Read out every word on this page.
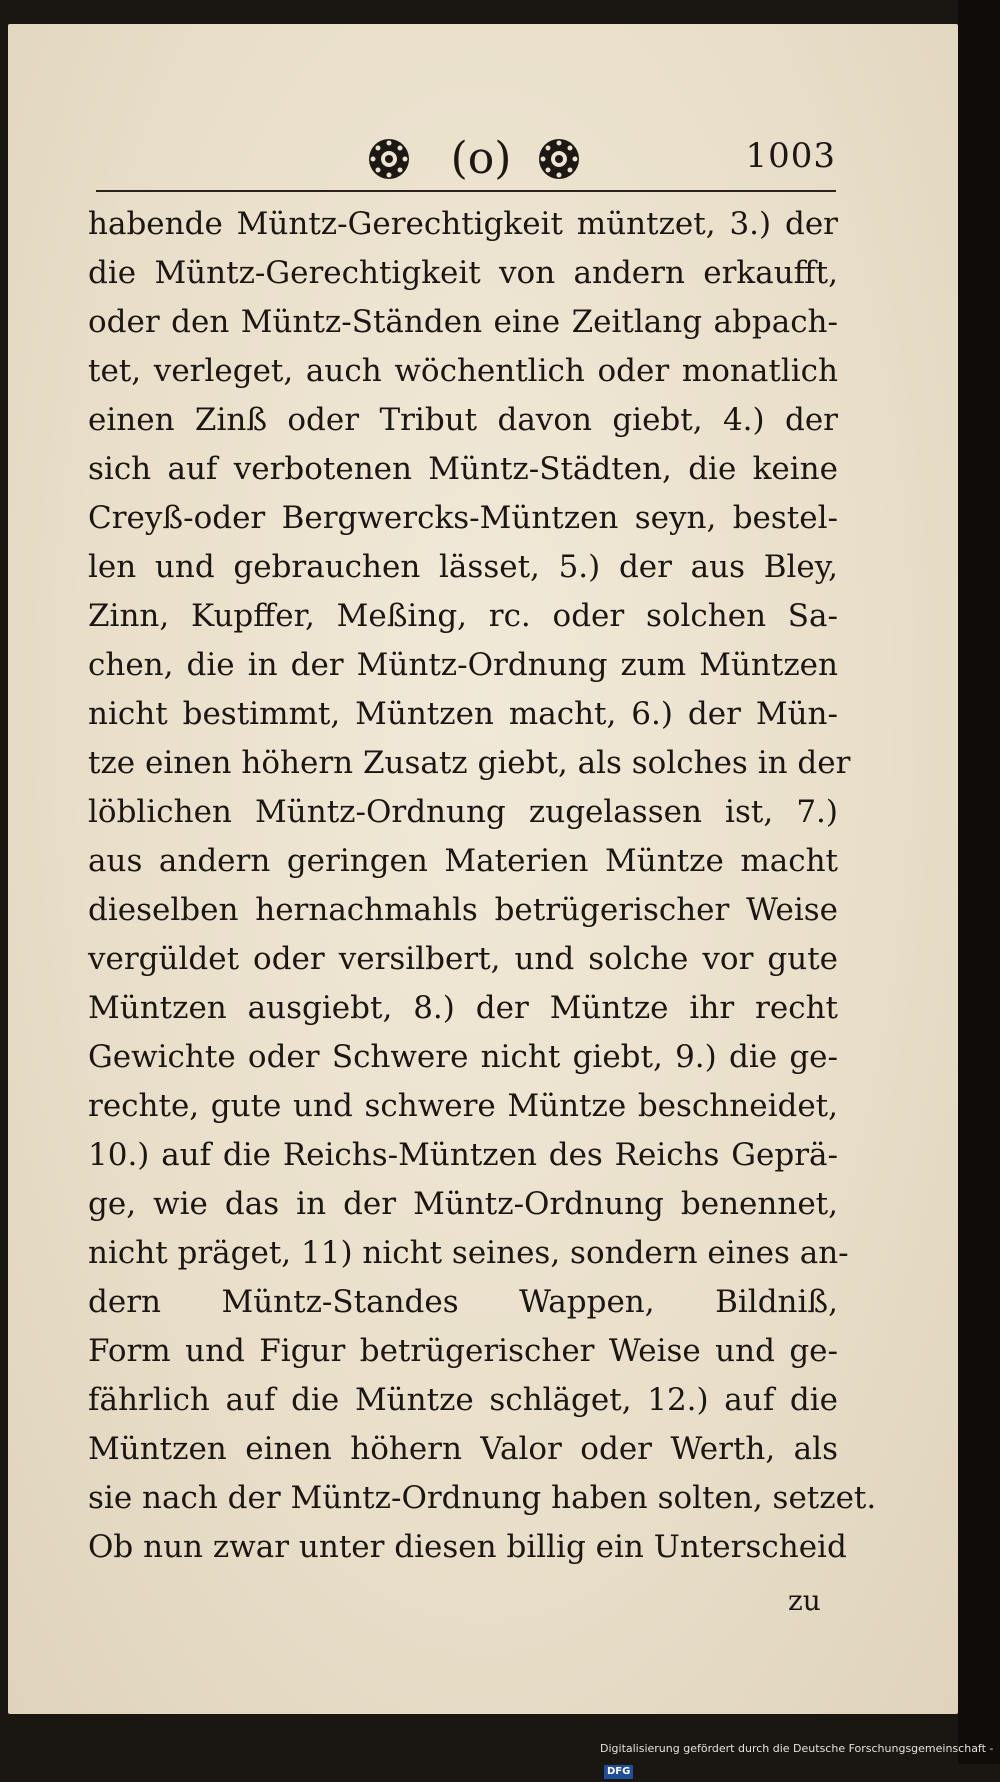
(o)	1003
habende Müntz-Gerechtigkeit müntzet, 3.) der
die Müntz-Gerechtigkeit von andern erkaufft,
oder den Müntz-Ständen eine Zeitlang abpach-
tet, verleget, auch wöchentlich oder monatlich
einen Zinß oder Tribut davon giebt, 4.) der
sich auf verbotenen Müntz-Städten, die keine
Creyß-oder Bergwercks-Müntzen seyn, bestel-
len und gebrauchen lässet, 5.) der aus Bley,
Zinn, Kupffer, Meßing, rc. oder solchen Sa-
chen, die in der Müntz-Ordnung zum Müntzen
nicht bestimmt, Müntzen macht, 6.) der Mün-
tze einen höhern Zusatz giebt, als solches in der
löblichen Müntz-Ordnung zugelassen ist, 7.)
aus andern geringen Materien Müntze macht
dieselben hernachmahls betrügerischer Weise
vergüldet oder versilbert, und solche vor gute
Müntzen ausgiebt, 8.) der Müntze ihr recht
Gewichte oder Schwere nicht giebt, 9.) die ge-
rechte, gute und schwere Müntze beschneidet,
10.) auf die Reichs-Müntzen des Reichs Geprä-
ge, wie das in der Müntz-Ordnung benennet,
nicht präget, 11) nicht seines, sondern eines an-
dern Müntz-Standes Wappen, Bildniß,
Form und Figur betrügerischer Weise und ge-
fährlich auf die Müntze schläget, 12.) auf die
Müntzen einen höhern Valor oder Werth, als
sie nach der Müntz-Ordnung haben solten, setzet.
Ob nun zwar unter diesen billig ein Unterscheid
zu
Digitalisierung gefördert durch die Deutsche Forschungsgemeinschaft -DFG
